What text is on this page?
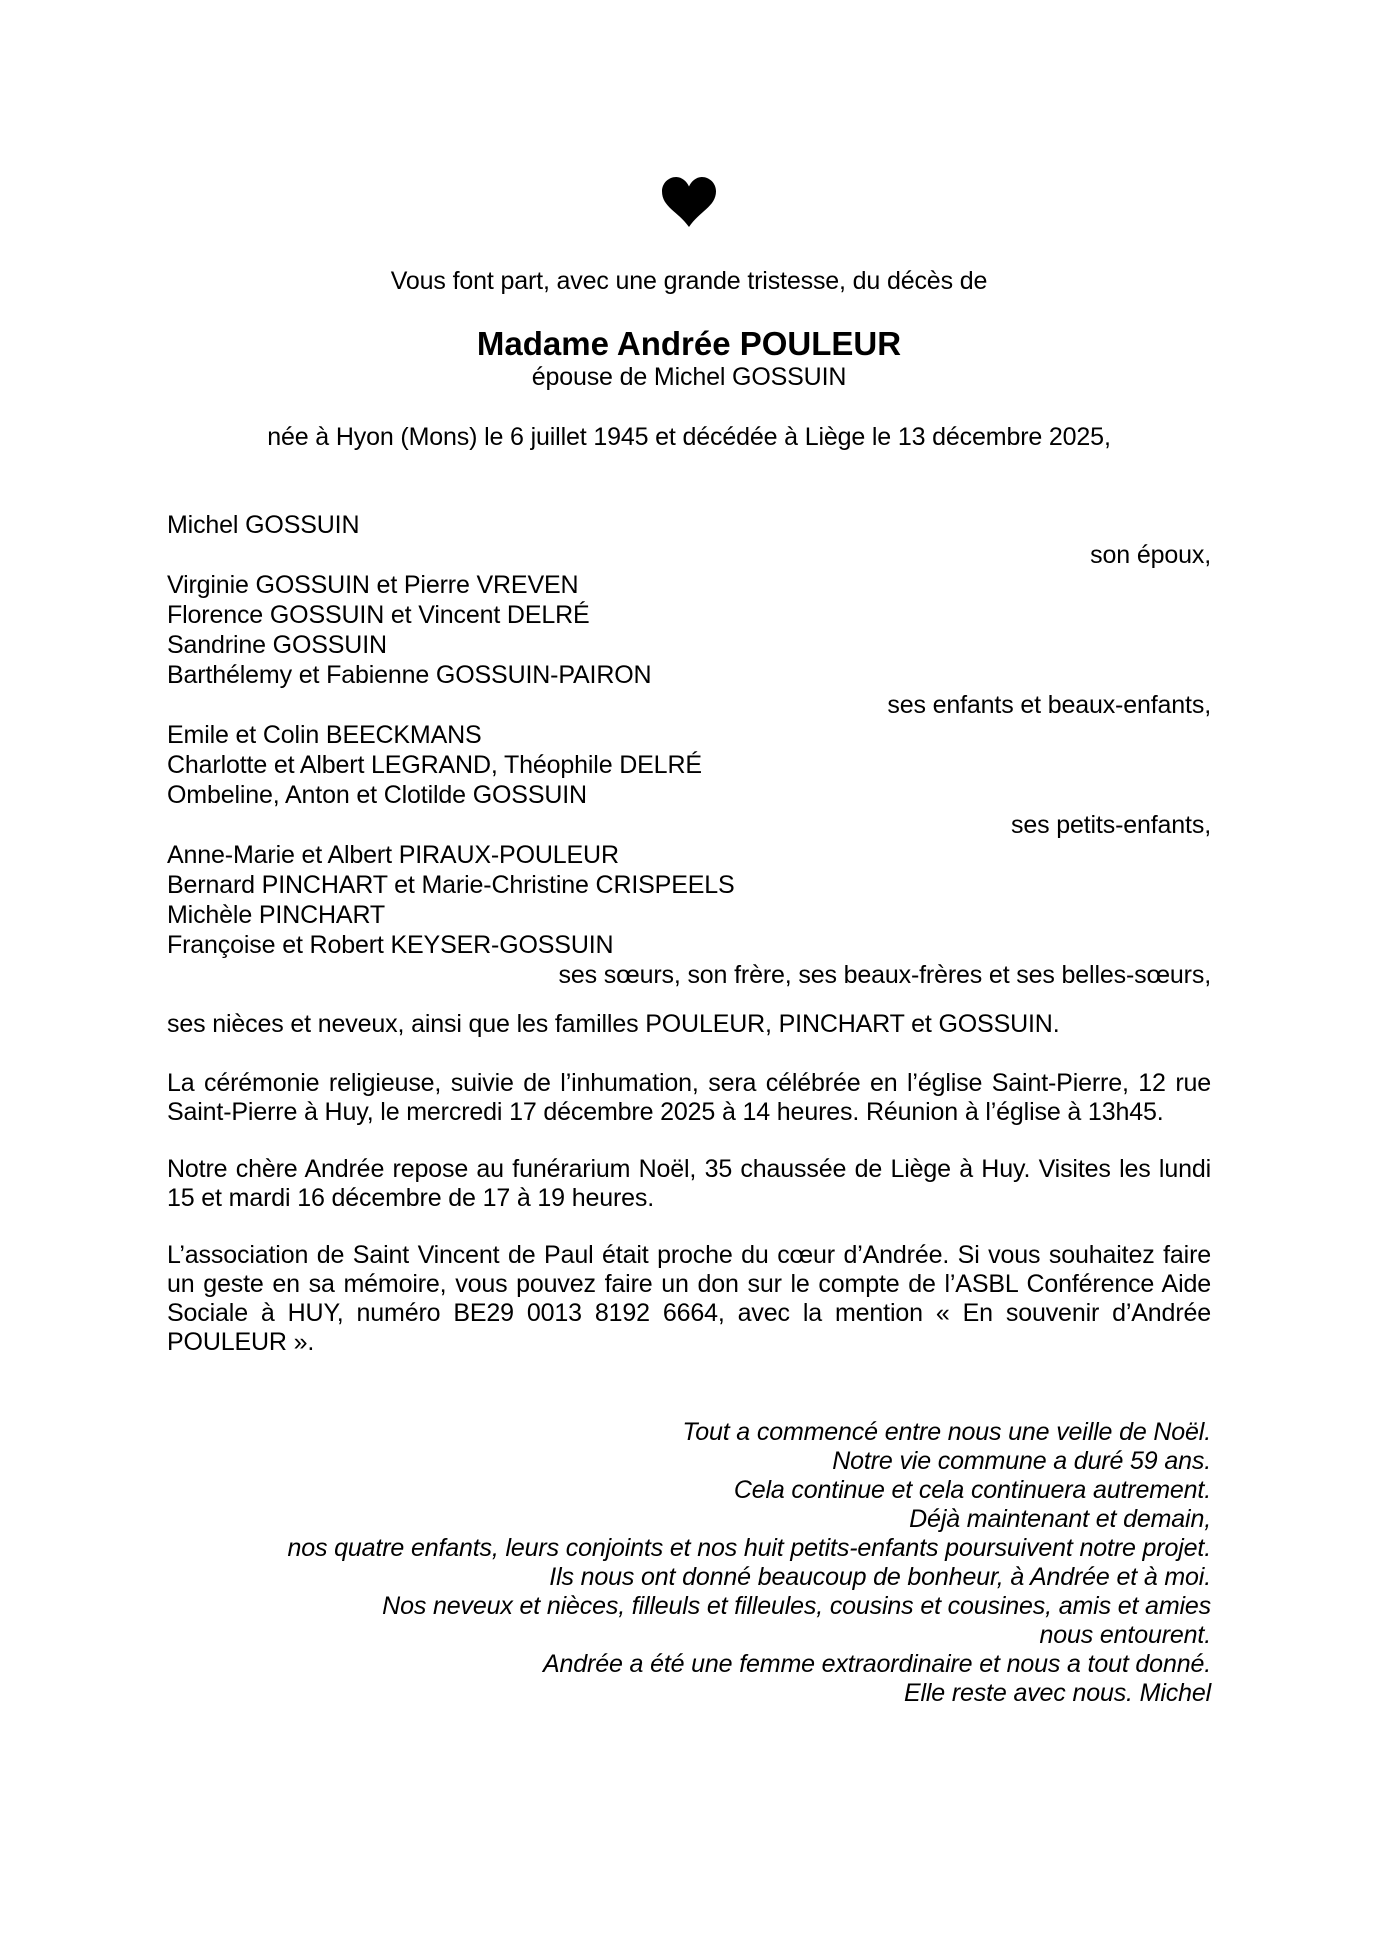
Vous font part, avec une grande tristesse, du décès de
Madame Andrée POULEUR
épouse de Michel GOSSUIN
née à Hyon (Mons) le 6 juillet 1945 et décédée à Liège le 13 décembre 2025,
Michel GOSSUIN
son époux,
Virginie GOSSUIN et Pierre VREVEN
Florence GOSSUIN et Vincent DELRÉ
Sandrine GOSSUIN
Barthélemy et Fabienne GOSSUIN-PAIRON
ses enfants et beaux-enfants,
Emile et Colin BEECKMANS
Charlotte et Albert LEGRAND, Théophile DELRÉ
Ombeline, Anton et Clotilde GOSSUIN
ses petits-enfants,
Anne-Marie et Albert PIRAUX-POULEUR
Bernard PINCHART et Marie-Christine CRISPEELS
Michèle PINCHART
Françoise et Robert KEYSER-GOSSUIN
ses sœurs, son frère, ses beaux-frères et ses belles-sœurs,
ses nièces et neveux, ainsi que les familles POULEUR, PINCHART et GOSSUIN.
La cérémonie religieuse, suivie de l’inhumation, sera célébrée en l’église Saint-Pierre, 12 rue Saint-Pierre à Huy, le mercredi 17 décembre 2025 à 14 heures. Réunion à l’église à 13h45.
Notre chère Andrée repose au funérarium Noël, 35 chaussée de Liège à Huy. Visites les lundi 15 et mardi 16 décembre de 17 à 19 heures.
L’association de Saint Vincent de Paul était proche du cœur d’Andrée. Si vous souhaitez faire un geste en sa mémoire, vous pouvez faire un don sur le compte de l’ASBL Conférence Aide Sociale à HUY, numéro BE29 0013 8192 6664, avec la mention « En souvenir d’Andrée POULEUR ».
Tout a commencé entre nous une veille de Noël.
Notre vie commune a duré 59 ans.
Cela continue et cela continuera autrement.
Déjà maintenant et demain,
nos quatre enfants, leurs conjoints et nos huit petits-enfants poursuivent notre projet.
Ils nous ont donné beaucoup de bonheur, à Andrée et à moi.
Nos neveux et nièces, filleuls et filleules, cousins et cousines, amis et amies
nous entourent.
Andrée a été une femme extraordinaire et nous a tout donné.
Elle reste avec nous. Michel
